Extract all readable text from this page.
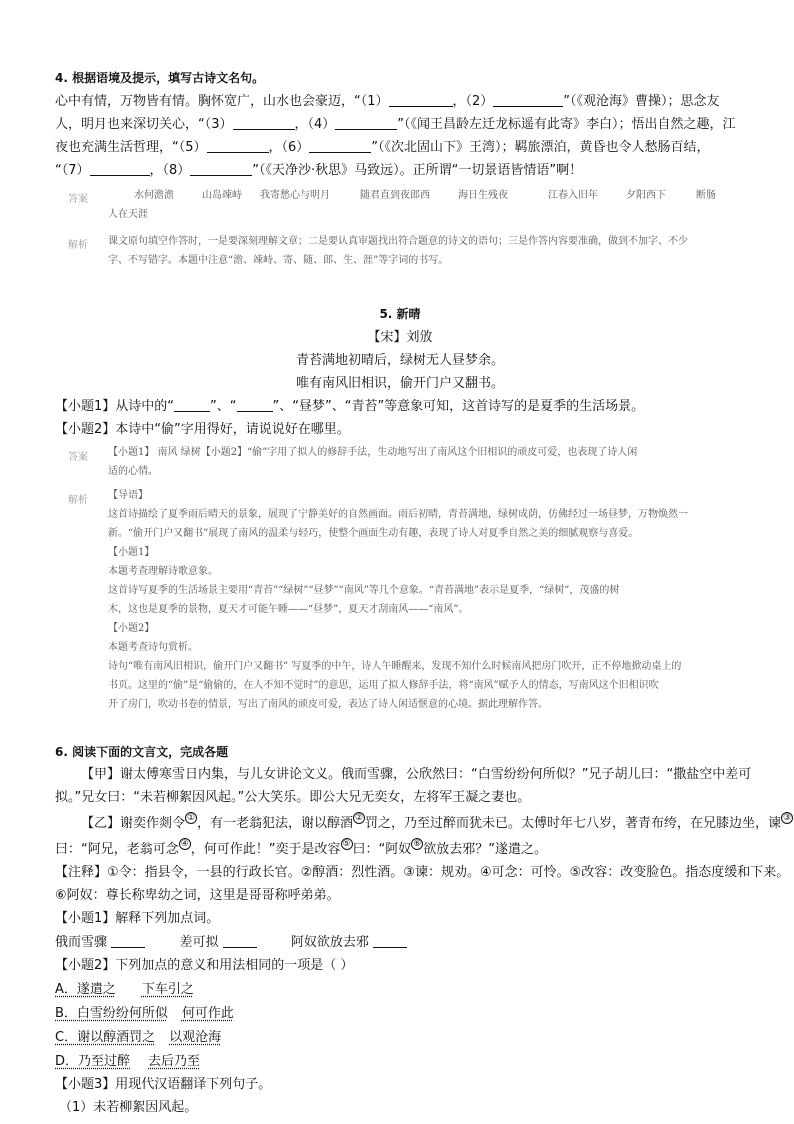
4. 根据语境及提示，填写古诗文名句。
心中有情，万物皆有情。胸怀宽广，山水也会豪迈，“（1）	，（2）	”（《观沧海》曹操）；思念友
人，明月也来深切关心，“（3）	，（4）	”（《闻王昌龄左迁龙标遥有此寄》李白）；悟出自然之趣，江
夜也充满生活哲理，“（5）	，（6）	”（《次北固山下》王湾）；羁旅漂泊，黄昏也令人愁肠百结，
“（7）	，（8）	”（《天净沙·秋思》马致远）。正所谓“一切景语皆情语”啊！
答案	水何澹澹	山岛竦峙 我寄愁心与明月	随君直到夜郎西	海日生残夜	江春入旧年	夕阳西下	断肠
人在天涯
解析 课文原句填空作答时，一是要深刻理解文章；二是要认真审题找出符合题意的诗文的语句；三是作答内容要准确，做到不加字、不少
字、不写错字。本题中注意“澹、竦峙、寄、随、郎、生、涯”等字词的书写。
5. 新晴
【宋】刘攽
青苔满地初晴后，绿树无人昼梦余。
唯有南风旧相识，偷开门户又翻书。
【小题1】从诗中的“	”、“	”、“昼梦”、“青苔”等意象可知，这首诗写的是夏季的生活场景。
【小题2】本诗中“偷”字用得好，请说说好在哪里。
答案 【小题1】 南风 绿树【小题2】“偷”字用了拟人的修辞手法，生动地写出了南风这个旧相识的顽皮可爱，也表现了诗人闲
适的心情。
解析 【导语】
这首诗描绘了夏季雨后晴天的景象，展现了宁静美好的自然画面。雨后初晴，青苔满地，绿树成荫，仿佛经过一场昼梦，万物焕然一
新。“偷开门户又翻书”展现了南风的温柔与轻巧，使整个画面生动有趣，表现了诗人对夏季自然之美的细腻观察与喜爱。
【小题1】
本题考查理解诗歌意象。
这首诗写夏季的生活场景主要用“青苔”“绿树”“昼梦”“南风”等几个意象。“青苔满地”表示是夏季，“绿树”，茂盛的树
木，这也是夏季的景物，夏天才可能午睡——“昼梦”，夏天才刮南风——“南风”。
【小题2】
本题考查诗句赏析。
诗句“唯有南风旧相识，偷开门户又翻书” 写夏季的中午，诗人午睡醒来，发现不知什么时候南风把房门吹开，正不停地掀动桌上的
书页。这里的“偷”是“偷偷的，在人不知不觉时”的意思，运用了拟人修辞手法，将“南风”赋予人的情态，写南风这个旧相识吹
开了房门，吹动书卷的情景，写出了南风的顽皮可爱，表达了诗人闲适惬意的心境。据此理解作答。
6. 阅读下面的文言文，完成各题
【甲】谢太傅寒雪日内集，与儿女讲论文义。俄而雪骤，公欣然曰：“白雪纷纷何所似？”兄子胡儿曰：“撒盐空中差可
拟。”兄女曰：“未若柳絮因风起。”公大笑乐。即公大兄无奕女，左将军王凝之妻也。
【乙】谢奕作剡令 ① ，有一老翁犯法，谢以醇酒 ② 罚之，乃至过醉而犹未已。太傅时年七八岁，著青布绔，在兄膝边坐，谏 ③
曰：“阿兄，老翁可念 ④ ，何可作此！”奕于是改容 ⑤ 曰：“阿奴 ⑥ 欲放去邪？”遂遣之。
【注释】①令：指县令，一县的行政长官。②醇酒：烈性酒。③谏：规劝。④可念：可怜。⑤改容：改变脸色。指态度缓和下来。
⑥阿奴：尊长称卑幼之词，这里是哥哥称呼弟弟。
【小题1】解释下列加点词。
俄而雪骤	差可拟	阿奴欲放去邪
【小题2】下列加点的意义和用法相同的一项是（ ）
A．遂遣之 下车引之
B．白雪纷纷何所似 何可作此
C．谢以醇酒罚之 以观沧海
D．乃至过醉 去后乃至
【小题3】用现代汉语翻译下列句子。
（1）未若柳絮因风起。
